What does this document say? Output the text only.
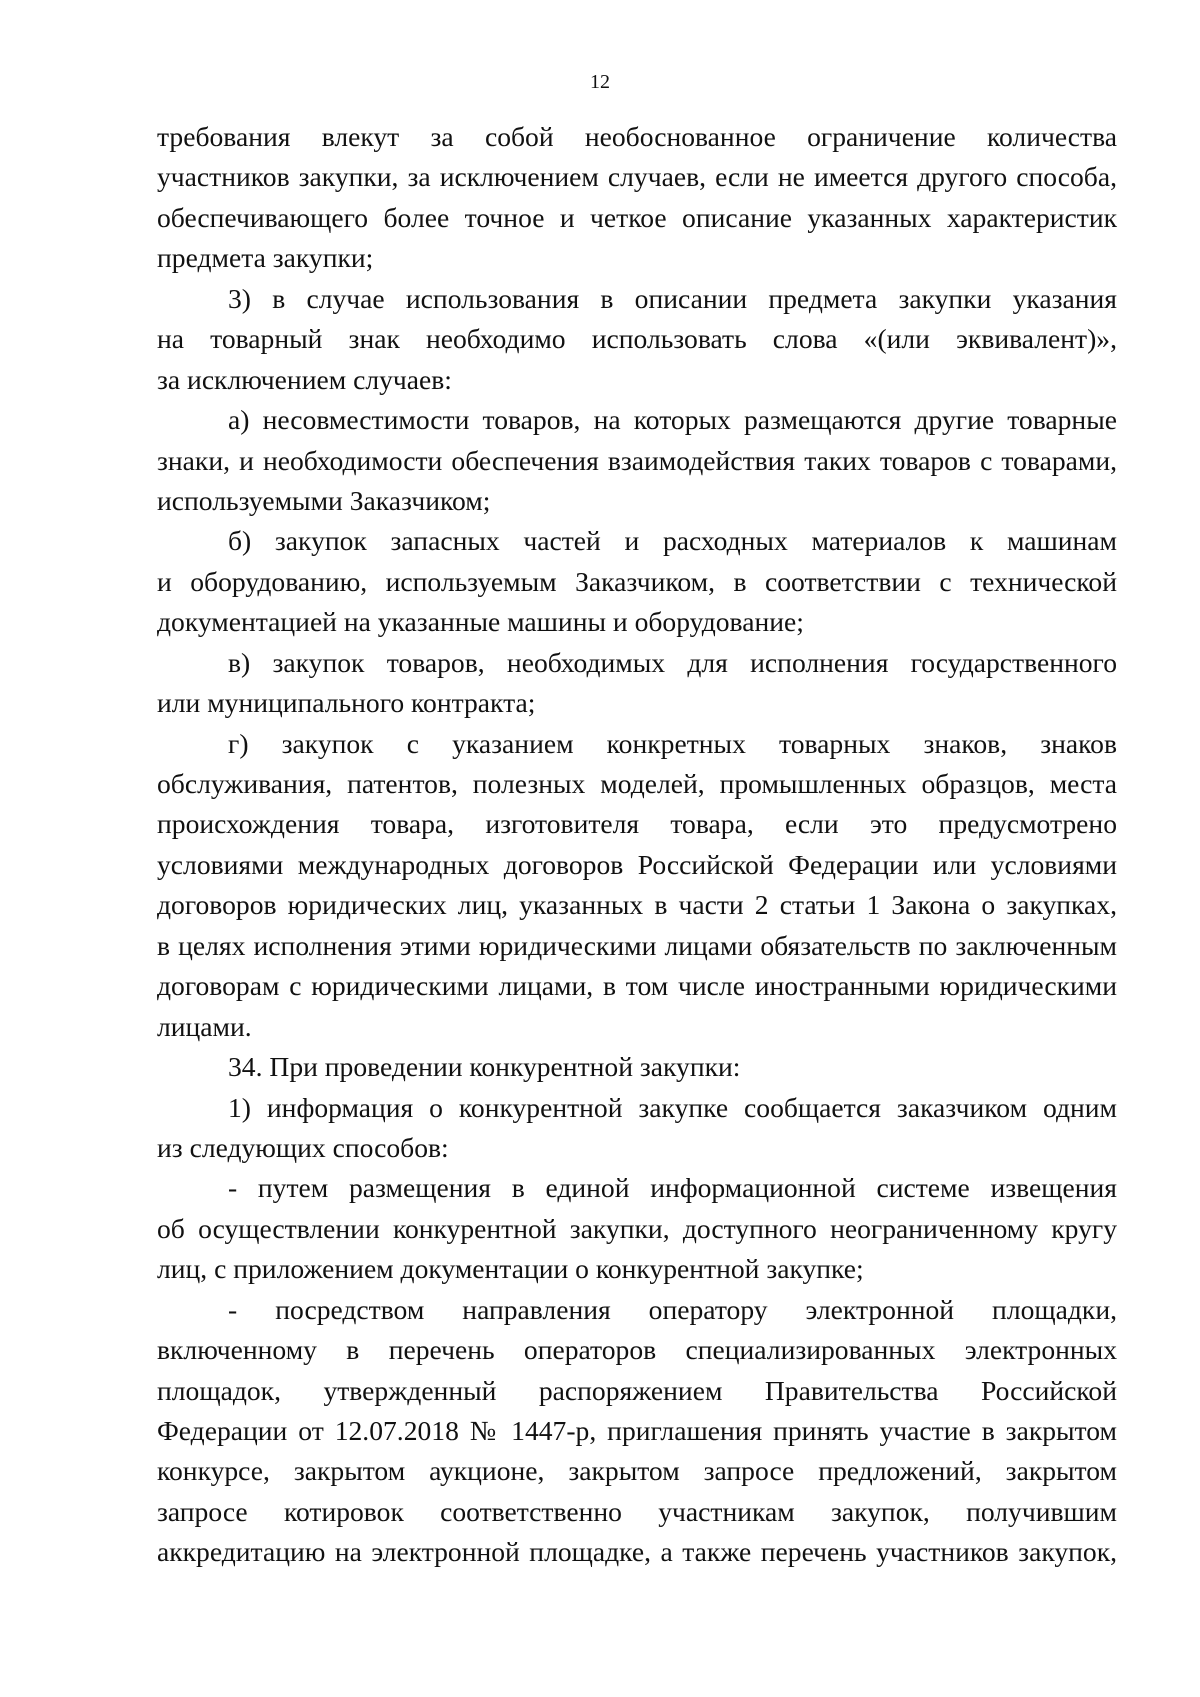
12
требования влекут за собой необоснованное ограничение количества
участников закупки, за исключением случаев, если не имеется другого способа,
обеспечивающего более точное и четкое описание указанных характеристик
предмета закупки;
3) в случае использования в описании предмета закупки указания
на товарный знак необходимо использовать слова «(или эквивалент)»,
за исключением случаев:
а) несовместимости товаров, на которых размещаются другие товарные
знаки, и необходимости обеспечения взаимодействия таких товаров с товарами,
используемыми Заказчиком;
б) закупок запасных частей и расходных материалов к машинам
и оборудованию, используемым Заказчиком, в соответствии с технической
документацией на указанные машины и оборудование;
в) закупок товаров, необходимых для исполнения государственного
или муниципального контракта;
г) закупок с указанием конкретных товарных знаков, знаков
обслуживания, патентов, полезных моделей, промышленных образцов, места
происхождения товара, изготовителя товара, если это предусмотрено
условиями международных договоров Российской Федерации или условиями
договоров юридических лиц, указанных в части 2 статьи 1 Закона о закупках,
в целях исполнения этими юридическими лицами обязательств по заключенным
договорам с юридическими лицами, в том числе иностранными юридическими
лицами.
34. При проведении конкурентной закупки:
1) информация о конкурентной закупке сообщается заказчиком одним
из следующих способов:
- путем размещения в единой информационной системе извещения
об осуществлении конкурентной закупки, доступного неограниченному кругу
лиц, с приложением документации о конкурентной закупке;
- посредством направления оператору электронной площадки,
включенному в перечень операторов специализированных электронных
площадок, утвержденный распоряжением Правительства Российской
Федерации от 12.07.2018 № 1447-р, приглашения принять участие в закрытом
конкурсе, закрытом аукционе, закрытом запросе предложений, закрытом
запросе котировок соответственно участникам закупок, получившим
аккредитацию на электронной площадке, а также перечень участников закупок,
